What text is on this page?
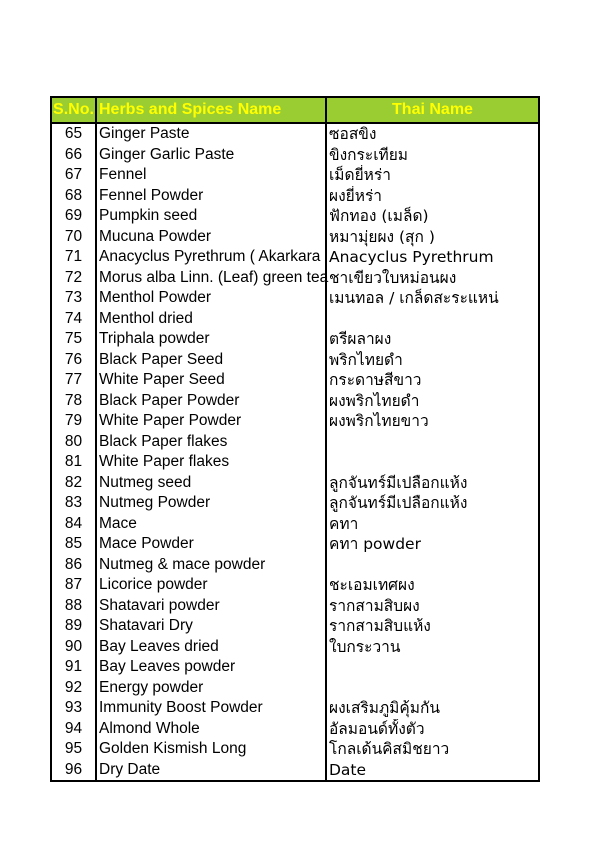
S.No.	Herbs and Spices Name	Thai Name
65	Ginger Paste	ซอสขิง
66	Ginger Garlic Paste	ขิงกระเทียม
67	Fennel	เม็ดยี่หร่า
68	Fennel Powder	ผงยี่หร่า
69	Pumpkin seed	ฟักทอง (เมล็ด)
70	Mucuna Powder	หมามุ่ยผง (สุก )
71	Anacyclus Pyrethrum ( Akarkara	Anacyclus Pyrethrum
72	Morus alba Linn. (Leaf) green tea	ชาเขียวใบหม่อนผง
73	Menthol Powder	เมนทอล / เกล็ดสะระแหน่
74	Menthol dried	
75	Triphala powder	ตรีผลาผง
76	Black Paper Seed	พริกไทยดำ
77	White Paper Seed	กระดาษสีขาว
78	Black Paper Powder	ผงพริกไทยดำ
79	White Paper Powder	ผงพริกไทยขาว
80	Black Paper flakes	
81	White Paper flakes	
82	Nutmeg seed	ลูกจันทร์มีเปลือกแห้ง
83	Nutmeg Powder	ลูกจันทร์มีเปลือกแห้ง
84	Mace	คทา
85	Mace Powder	คทา powder
86	Nutmeg & mace powder	
87	Licorice powder	ชะเอมเทศผง
88	Shatavari powder	รากสามสิบผง
89	Shatavari Dry	รากสามสิบแห้ง
90	Bay Leaves dried	ใบกระวาน
91	Bay Leaves powder	
92	Energy powder	
93	Immunity Boost Powder	ผงเสริมภูมิคุ้มกัน
94	Almond Whole	อัลมอนด์ทั้งตัว
95	Golden Kismish Long	โกลเด้นคิสมิชยาว
96	Dry Date	Date
